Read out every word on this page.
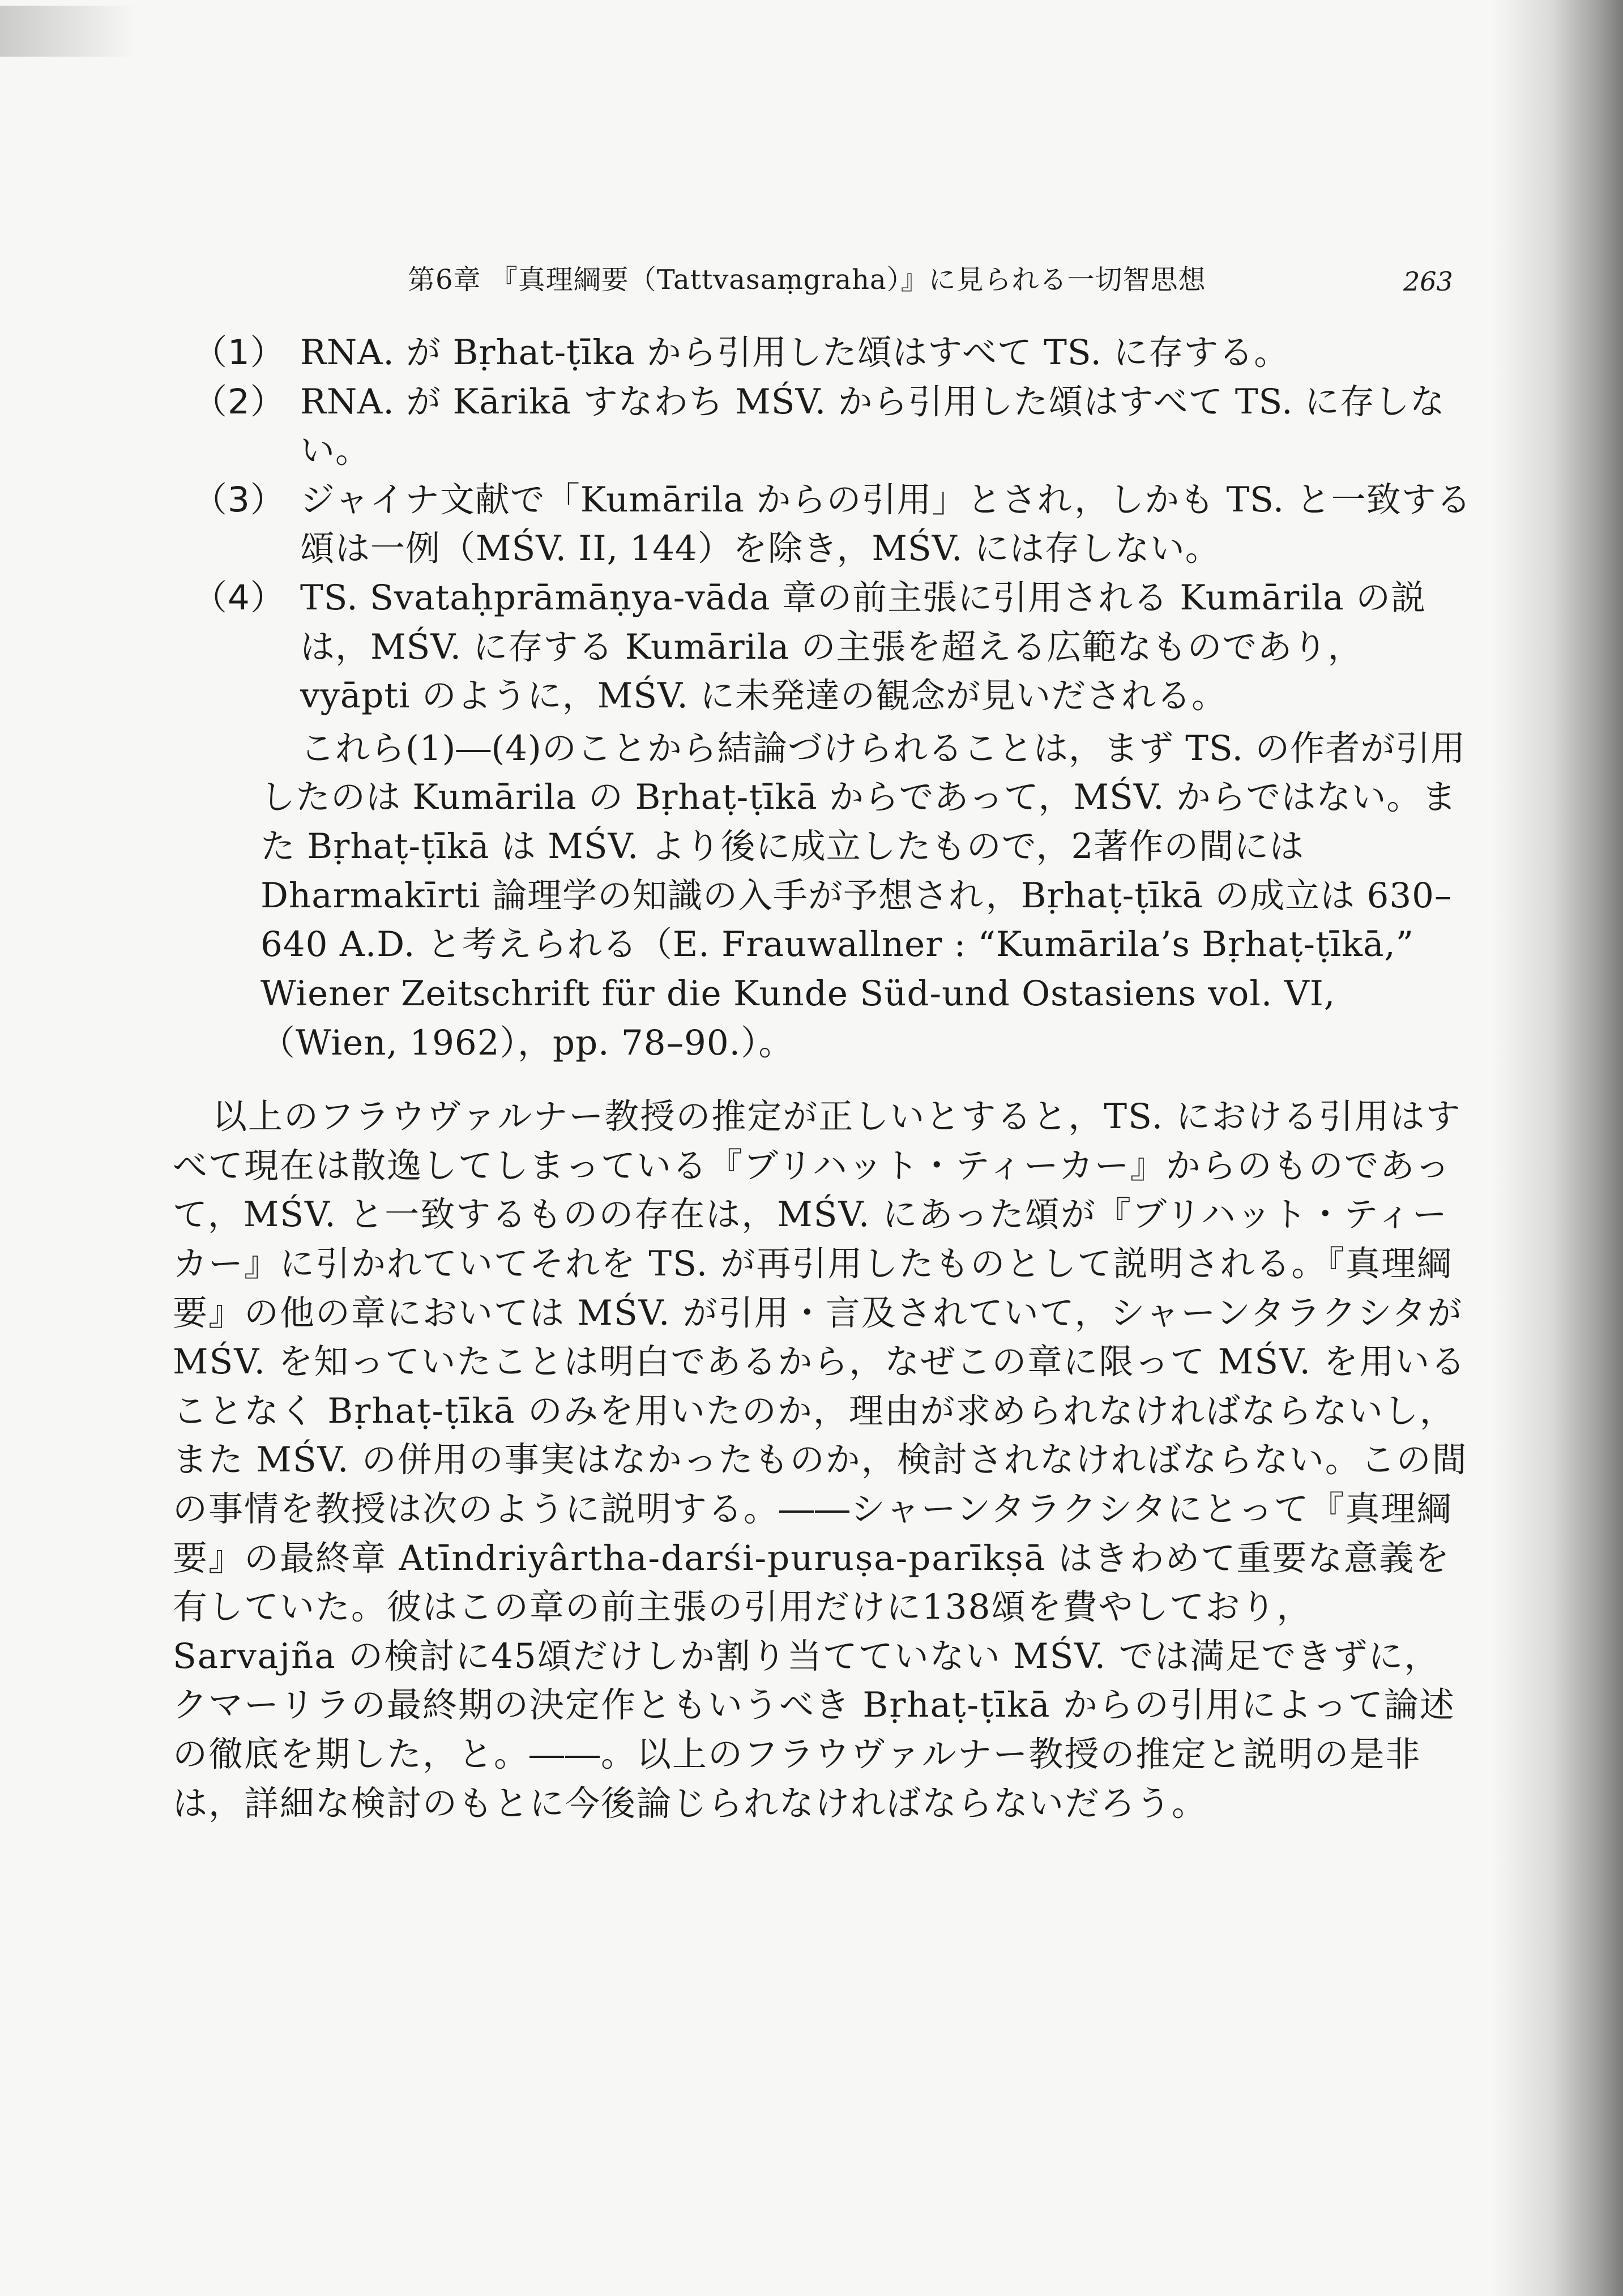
第6章 『真理綱要（Tattvasaṃgraha）』に見られる一切智思想	263

（1） RNA. が Bṛhat-ṭīka から引用した頌はすべて TS. に存する。

（2） RNA. が Kārikā すなわち MŚV. から引用した頌はすべて TS. に存しない。

（3） ジャイナ文献で「Kumārila からの引用」とされ，しかも TS. と一致する頌は一例（MŚV. II, 144）を除き，MŚV. には存しない。

（4） TS. Svataḥprāmāṇya-vāda 章の前主張に引用される Kumārila の説は，MŚV. に存する Kumārila の主張を超える広範なものであり，vyāpti のように，MŚV. に未発達の観念が見いだされる。

これら(1)―(4)のことから結論づけられることは，まず TS. の作者が引用したのは Kumārila の Bṛhaṭ-ṭīkā からであって，MŚV. からではない。また Bṛhaṭ-ṭīkā は MŚV. より後に成立したもので，2著作の間には Dharmakīrti 論理学の知識の入手が予想され，Bṛhaṭ-ṭīkā の成立は 630–640 A.D. と考えられる（E. Frauwallner : “Kumārila’s Bṛhaṭ-ṭīkā,” Wiener Zeitschrift für die Kunde Süd-und Ostasiens vol. VI,（Wien, 1962），pp. 78–90.）。

以上のフラウヴァルナー教授の推定が正しいとすると，TS. における引用はすべて現在は散逸してしまっている『ブリハット・ティーカー』からのものであって，MŚV. と一致するものの存在は，MŚV. にあった頌が『ブリハット・ティーカー』に引かれていてそれを TS. が再引用したものとして説明される。『真理綱要』の他の章においては MŚV. が引用・言及されていて，シャーンタラクシタが MŚV. を知っていたことは明白であるから，なぜこの章に限って MŚV. を用いることなく Bṛhaṭ-ṭīkā のみを用いたのか，理由が求められなければならないし，また MŚV. の併用の事実はなかったものか，検討されなければならない。この間の事情を教授は次のように説明する。――シャーンタラクシタにとって『真理綱要』の最終章 Atīndriyârtha-darśi-puruṣa-parīkṣā はきわめて重要な意義を有していた。彼はこの章の前主張の引用だけに138頌を費やしており，Sarvajña の検討に45頌だけしか割り当てていない MŚV. では満足できずに，クマーリラの最終期の決定作ともいうべき Bṛhaṭ-ṭīkā からの引用によって論述の徹底を期した，と。――。以上のフラウヴァルナー教授の推定と説明の是非は，詳細な検討のもとに今後論じられなければならないだろう。
